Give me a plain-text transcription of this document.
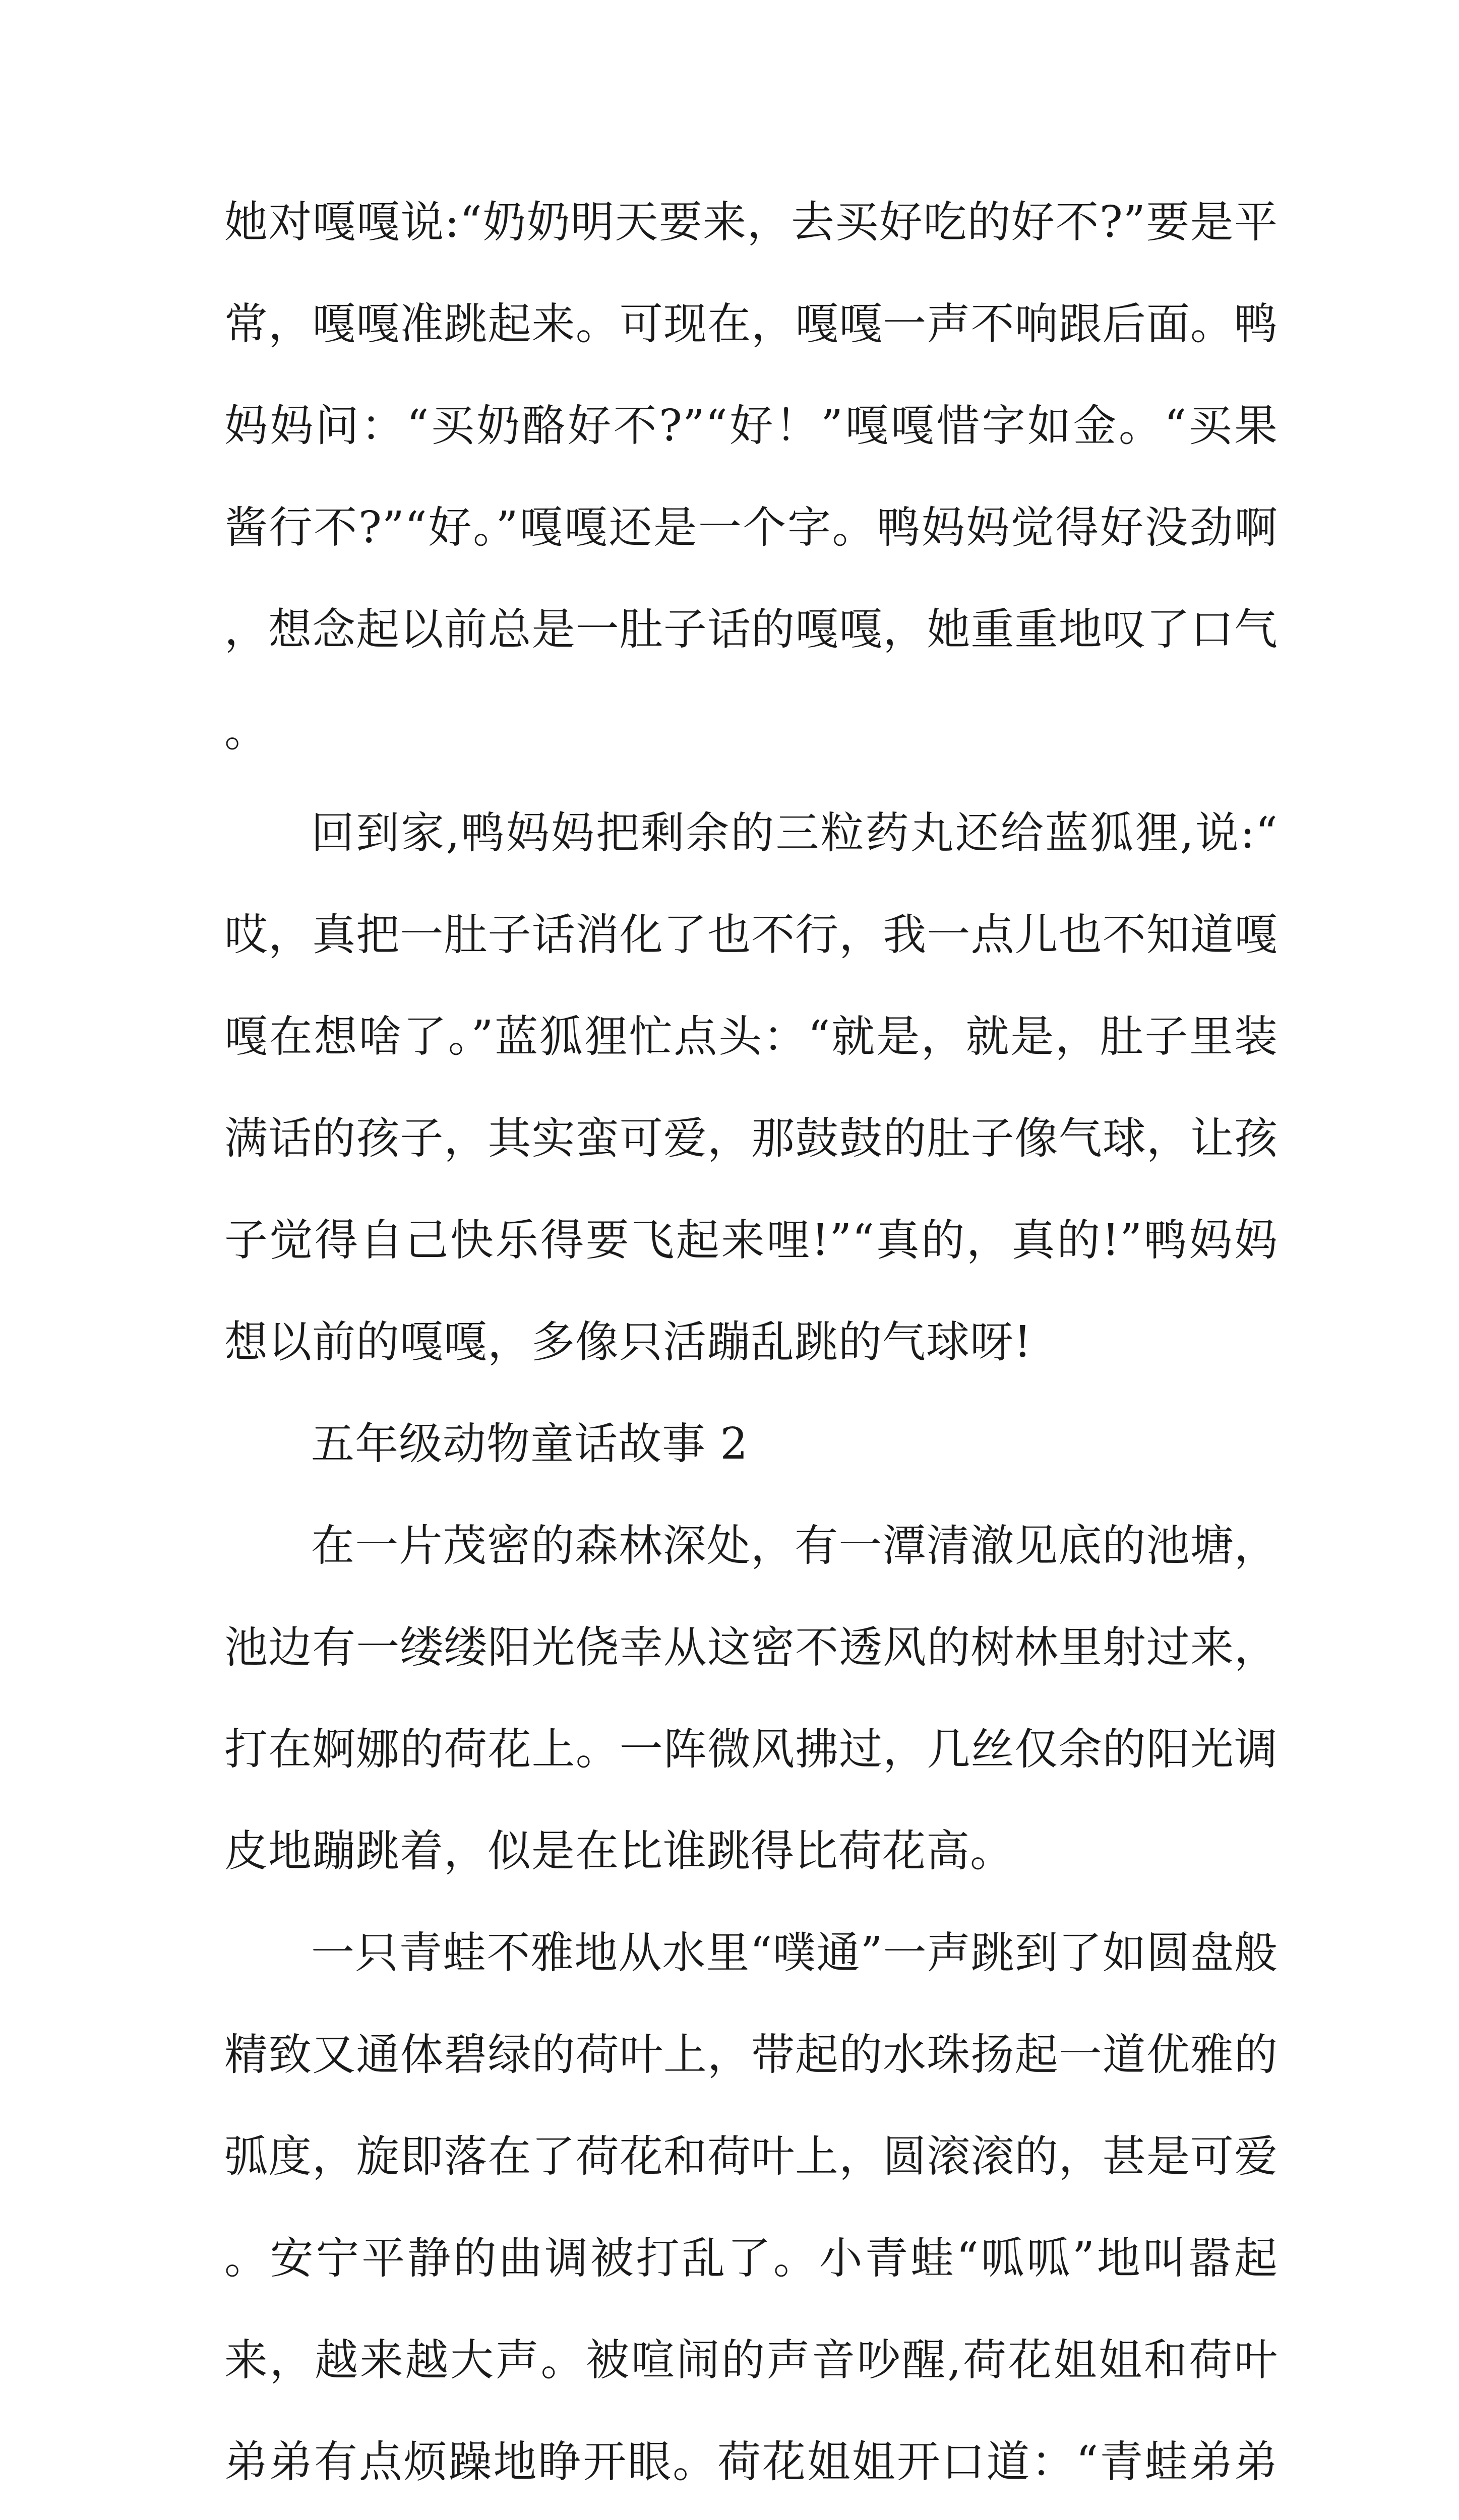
她对嘎嘎说:“奶奶明天要来，去买好吃的好不?”要是平常，嘎嘎准跳起来。可现在，嘎嘎一声不响跟后面。鸭妈妈问：“买奶酪好不?”“好！”嘎嘎惜字如金。“买果酱行不?”“好。”嘎嘎还是一个字。鸭妈妈觉得好没劲啊，想念起以前总是一肚子话的嘎嘎，她重重地叹了口气。

回到家,鸭妈妈把剩余的三粒药丸还给蓝狐狸,说:“哎，真把一肚子话消化了也不行，我一点儿也不知道嘎嘎在想啥了。”蓝狐狸忙点头：“就是，就是，肚子里装满话的孩子，其实蛮可爱，那鼓鼓的肚子像气球，让孩子觉得自己快乐得要飞起来哩!”“真的，真的!”鸭妈妈想以前的嘎嘎，多像只活蹦乱跳的气球呀!

五年级动物童话故事 2

在一片茂密的森林深处，有一潭清澈见底的池塘，池边有一缕缕阳光侥幸从这密不透风的树林里射过来，打在婀娜的荷花上。一阵微风拂过，几丝仅余的阳光调皮地蹦跳着，似是在比谁跳得比荷花高。

一只青蛙不雅地从水里“噗通”一声跳到了如圆盘般精致又通体碧绿的荷叶上，带起的水珠扬起一道优雅的弧度，旋即落在了荷花和荷叶上，圆滚滚的，甚是可爱。安宁平静的曲调被打乱了。小青蛙“呱呱”地叫嚣起来，越来越大声。被喧闹的声音吵醒,荷花姐姐和荷叶弟弟有点烦躁地睁开眼。荷花姐姐开口道：“青蛙弟弟
